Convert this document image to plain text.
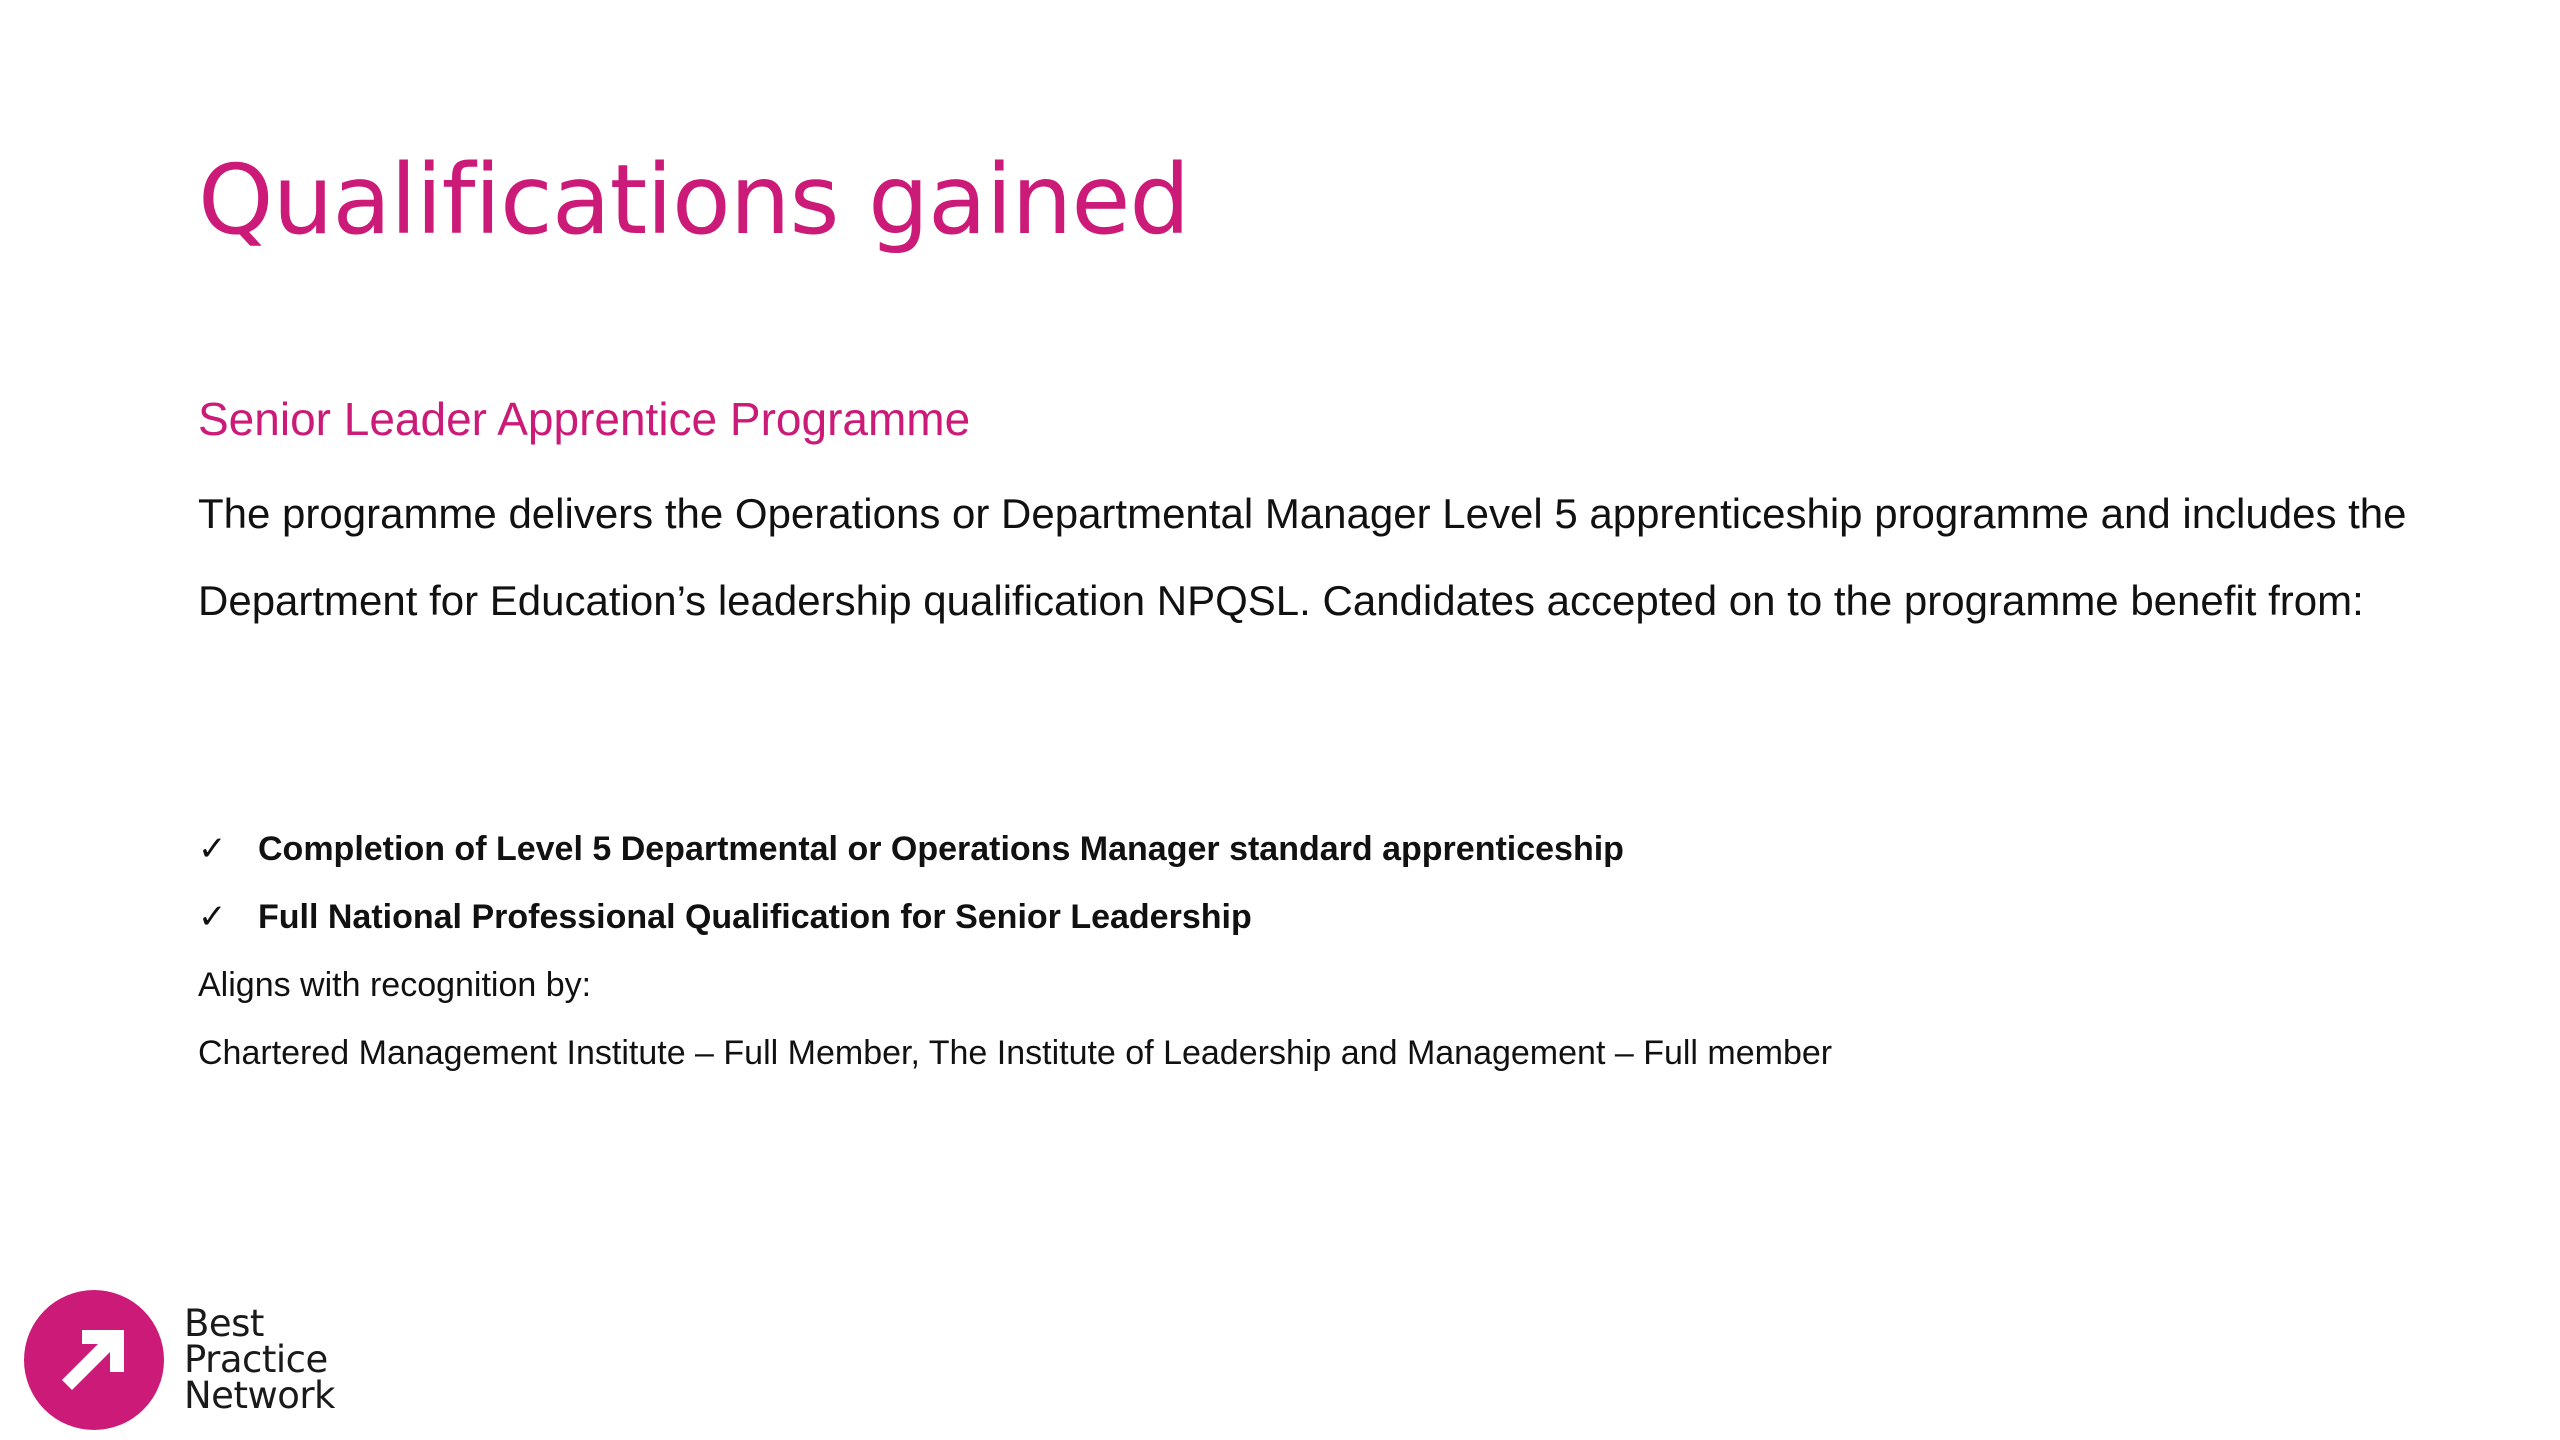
Qualifications gained
Senior Leader Apprentice Programme

The programme delivers the Operations or Departmental Manager Level 5 apprenticeship programme and includes the Department for Education’s leadership qualification NPQSL. Candidates accepted on to the programme benefit from:

✓ Completion of Level 5 Departmental or Operations Manager standard apprenticeship
✓ Full National Professional Qualification for Senior Leadership

Aligns with recognition by:

Chartered Management Institute – Full Member, The Institute of Leadership and Management – Full member

Best
Practice
Network
